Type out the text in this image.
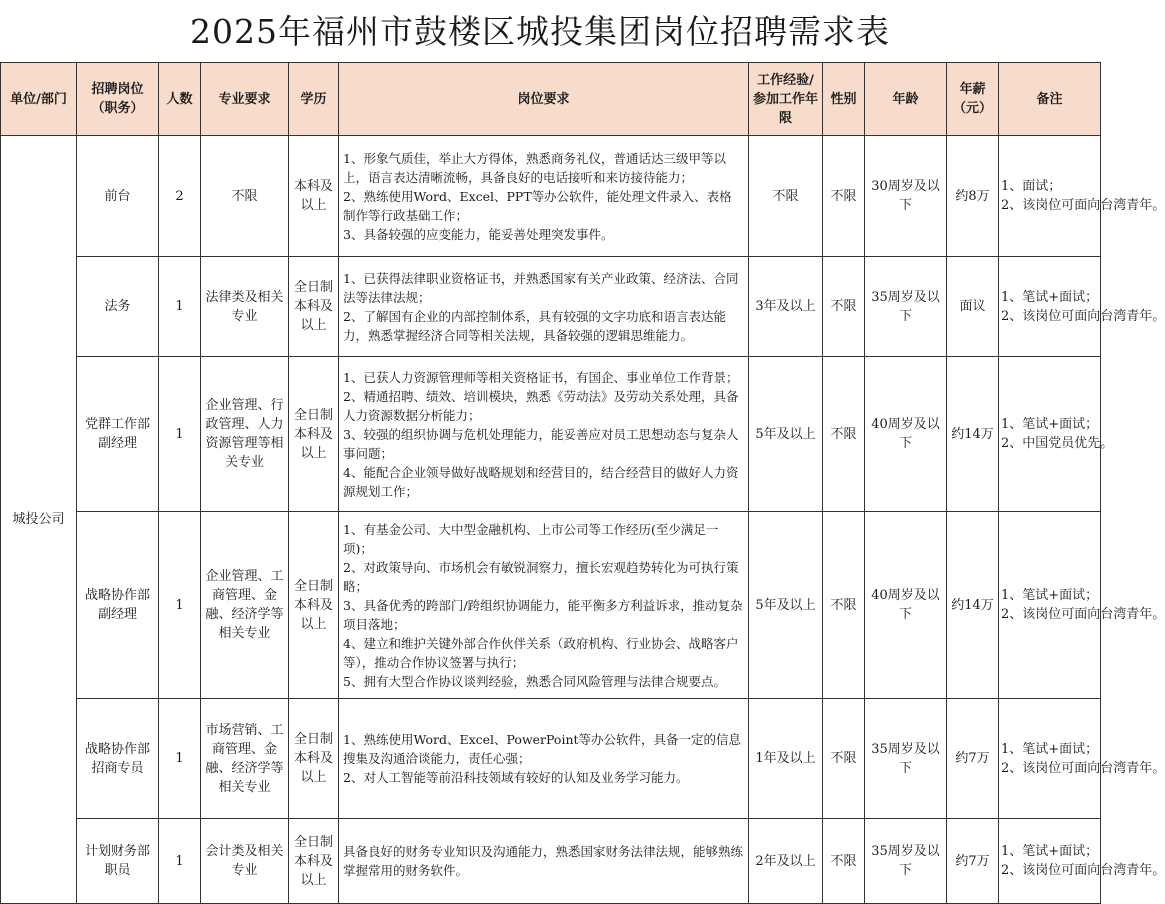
2025年福州市鼓楼区城投集团岗位招聘需求表
单位/部门	招聘岗位（职务）	人数	专业要求	学历	岗位要求	工作经验/参加工作年限	性别	年龄	年薪（元）	备注
城投公司	前台	2	不限	本科及以上	1、形象气质佳，举止大方得体，熟悉商务礼仪，普通话达三级甲等以上，语言表达清晰流畅，具备良好的电话接听和来访接待能力；
2、熟练使用Word、Excel、PPT等办公软件，能处理文件录入、表格制作等行政基础工作；
3、具备较强的应变能力，能妥善处理突发事件。	不限	不限	30周岁及以下	约8万	1、面试；
2、该岗位可面向台湾青年。
	法务	1	法律类及相关专业	全日制本科及以上	1、已获得法律职业资格证书，并熟悉国家有关产业政策、经济法、合同法等法律法规；
2、了解国有企业的内部控制体系，具有较强的文字功底和语言表达能力，熟悉掌握经济合同等相关法规，具备较强的逻辑思维能力。	3年及以上	不限	35周岁及以下	面议	1、笔试+面试；
2、该岗位可面向台湾青年。
	党群工作部副经理	1	企业管理、行政管理、人力资源管理等相关专业	全日制本科及以上	1、已获人力资源管理师等相关资格证书，有国企、事业单位工作背景；
2、精通招聘、绩效、培训模块，熟悉《劳动法》及劳动关系处理，具备人力资源数据分析能力；
3、较强的组织协调与危机处理能力，能妥善应对员工思想动态与复杂人事问题；
4、能配合企业领导做好战略规划和经营目的，结合经营目的做好人力资源规划工作；	5年及以上	不限	40周岁及以下	约14万	1、笔试+面试；
2、中国党员优先。
	战略协作部副经理	1	企业管理、工商管理、金融、经济学等相关专业	全日制本科及以上	1、有基金公司、大中型金融机构、上市公司等工作经历(至少满足一项)；
2、对政策导向、市场机会有敏锐洞察力，擅长宏观趋势转化为可执行策略；
3、具备优秀的跨部门/跨组织协调能力，能平衡多方利益诉求，推动复杂项目落地；
4、建立和维护关键外部合作伙伴关系（政府机构、行业协会、战略客户等），推动合作协议签署与执行；
5、拥有大型合作协议谈判经验，熟悉合同风险管理与法律合规要点。	5年及以上	不限	40周岁及以下	约14万	1、笔试+面试；
2、该岗位可面向台湾青年。
	战略协作部招商专员	1	市场营销、工商管理、金融、经济学等相关专业	全日制本科及以上	1、熟练使用Word、Excel、PowerPoint等办公软件，具备一定的信息搜集及沟通洽谈能力，责任心强；
2、对人工智能等前沿科技领域有较好的认知及业务学习能力。	1年及以上	不限	35周岁及以下	约7万	1、笔试+面试；
2、该岗位可面向台湾青年。
	计划财务部职员	1	会计类及相关专业	全日制本科及以上	具备良好的财务专业知识及沟通能力，熟悉国家财务法律法规，能够熟练掌握常用的财务软件。	2年及以上	不限	35周岁及以下	约7万	1、笔试+面试；
2、该岗位可面向台湾青年。
